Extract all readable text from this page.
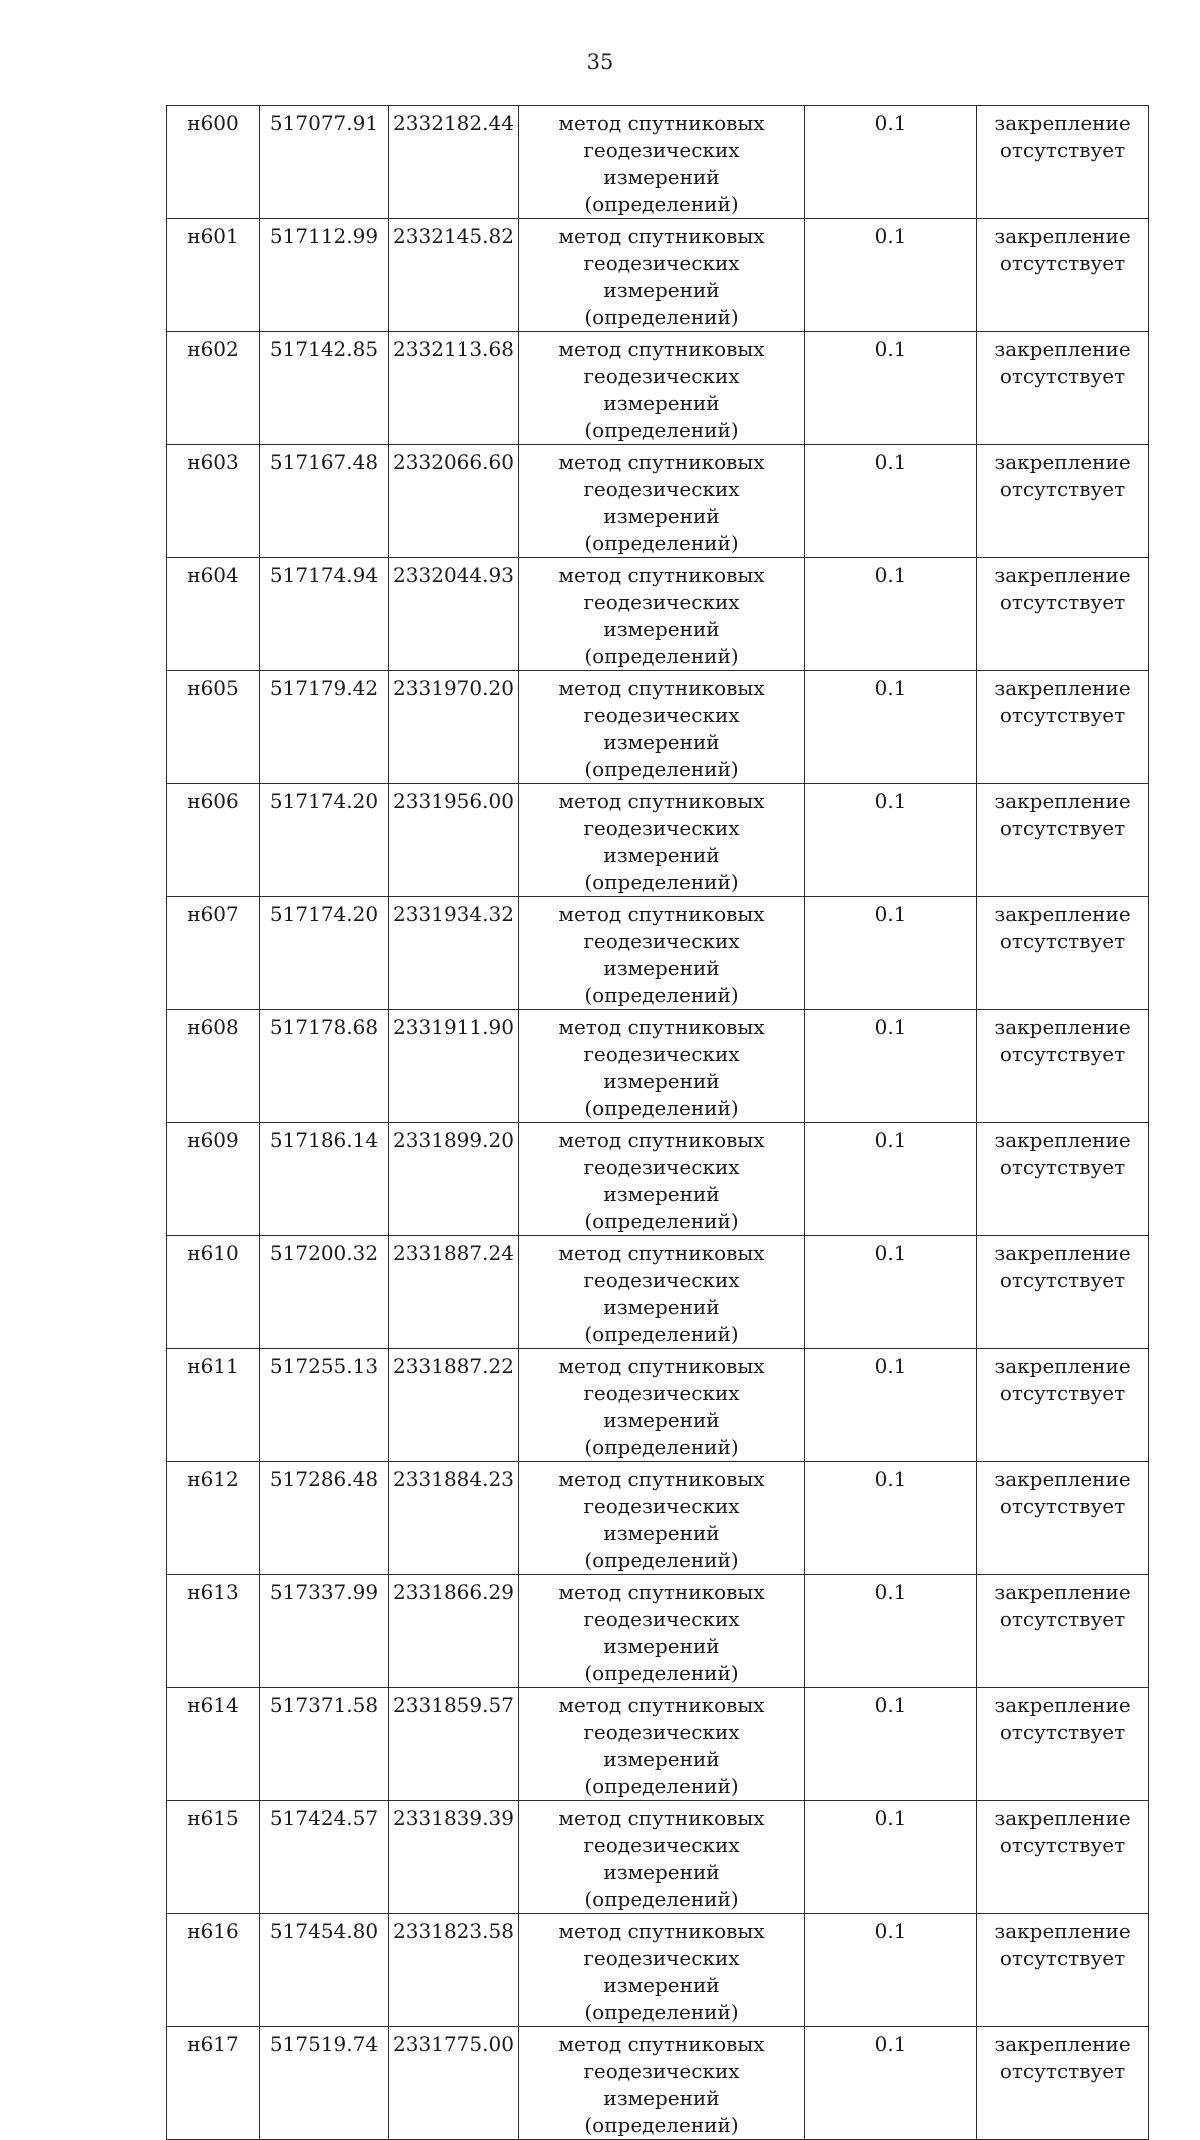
35
н600	517077.91	2332182.44	метод спутниковых
геодезических измерений
(определений)	0.1	закрепление
отсутствует

н601	517112.99	2332145.82	метод спутниковых
геодезических измерений
(определений)	0.1	закрепление
отсутствует

н602	517142.85	2332113.68	метод спутниковых
геодезических измерений
(определений)	0.1	закрепление
отсутствует

н603	517167.48	2332066.60	метод спутниковых
геодезических измерений
(определений)	0.1	закрепление
отсутствует

н604	517174.94	2332044.93	метод спутниковых
геодезических измерений
(определений)	0.1	закрепление
отсутствует

н605	517179.42	2331970.20	метод спутниковых
геодезических измерений
(определений)	0.1	закрепление
отсутствует

н606	517174.20	2331956.00	метод спутниковых
геодезических измерений
(определений)	0.1	закрепление
отсутствует

н607	517174.20	2331934.32	метод спутниковых
геодезических измерений
(определений)	0.1	закрепление
отсутствует

н608	517178.68	2331911.90	метод спутниковых
геодезических измерений
(определений)	0.1	закрепление
отсутствует

н609	517186.14	2331899.20	метод спутниковых
геодезических измерений
(определений)	0.1	закрепление
отсутствует

н610	517200.32	2331887.24	метод спутниковых
геодезических измерений
(определений)	0.1	закрепление
отсутствует

н611	517255.13	2331887.22	метод спутниковых
геодезических измерений
(определений)	0.1	закрепление
отсутствует

н612	517286.48	2331884.23	метод спутниковых
геодезических измерений
(определений)	0.1	закрепление
отсутствует

н613	517337.99	2331866.29	метод спутниковых
геодезических измерений
(определений)	0.1	закрепление
отсутствует

н614	517371.58	2331859.57	метод спутниковых
геодезических измерений
(определений)	0.1	закрепление
отсутствует

н615	517424.57	2331839.39	метод спутниковых
геодезических измерений
(определений)	0.1	закрепление
отсутствует

н616	517454.80	2331823.58	метод спутниковых
геодезических измерений
(определений)	0.1	закрепление
отсутствует

н617	517519.74	2331775.00	метод спутниковых
геодезических измерений
(определений)	0.1	закрепление
отсутствует
